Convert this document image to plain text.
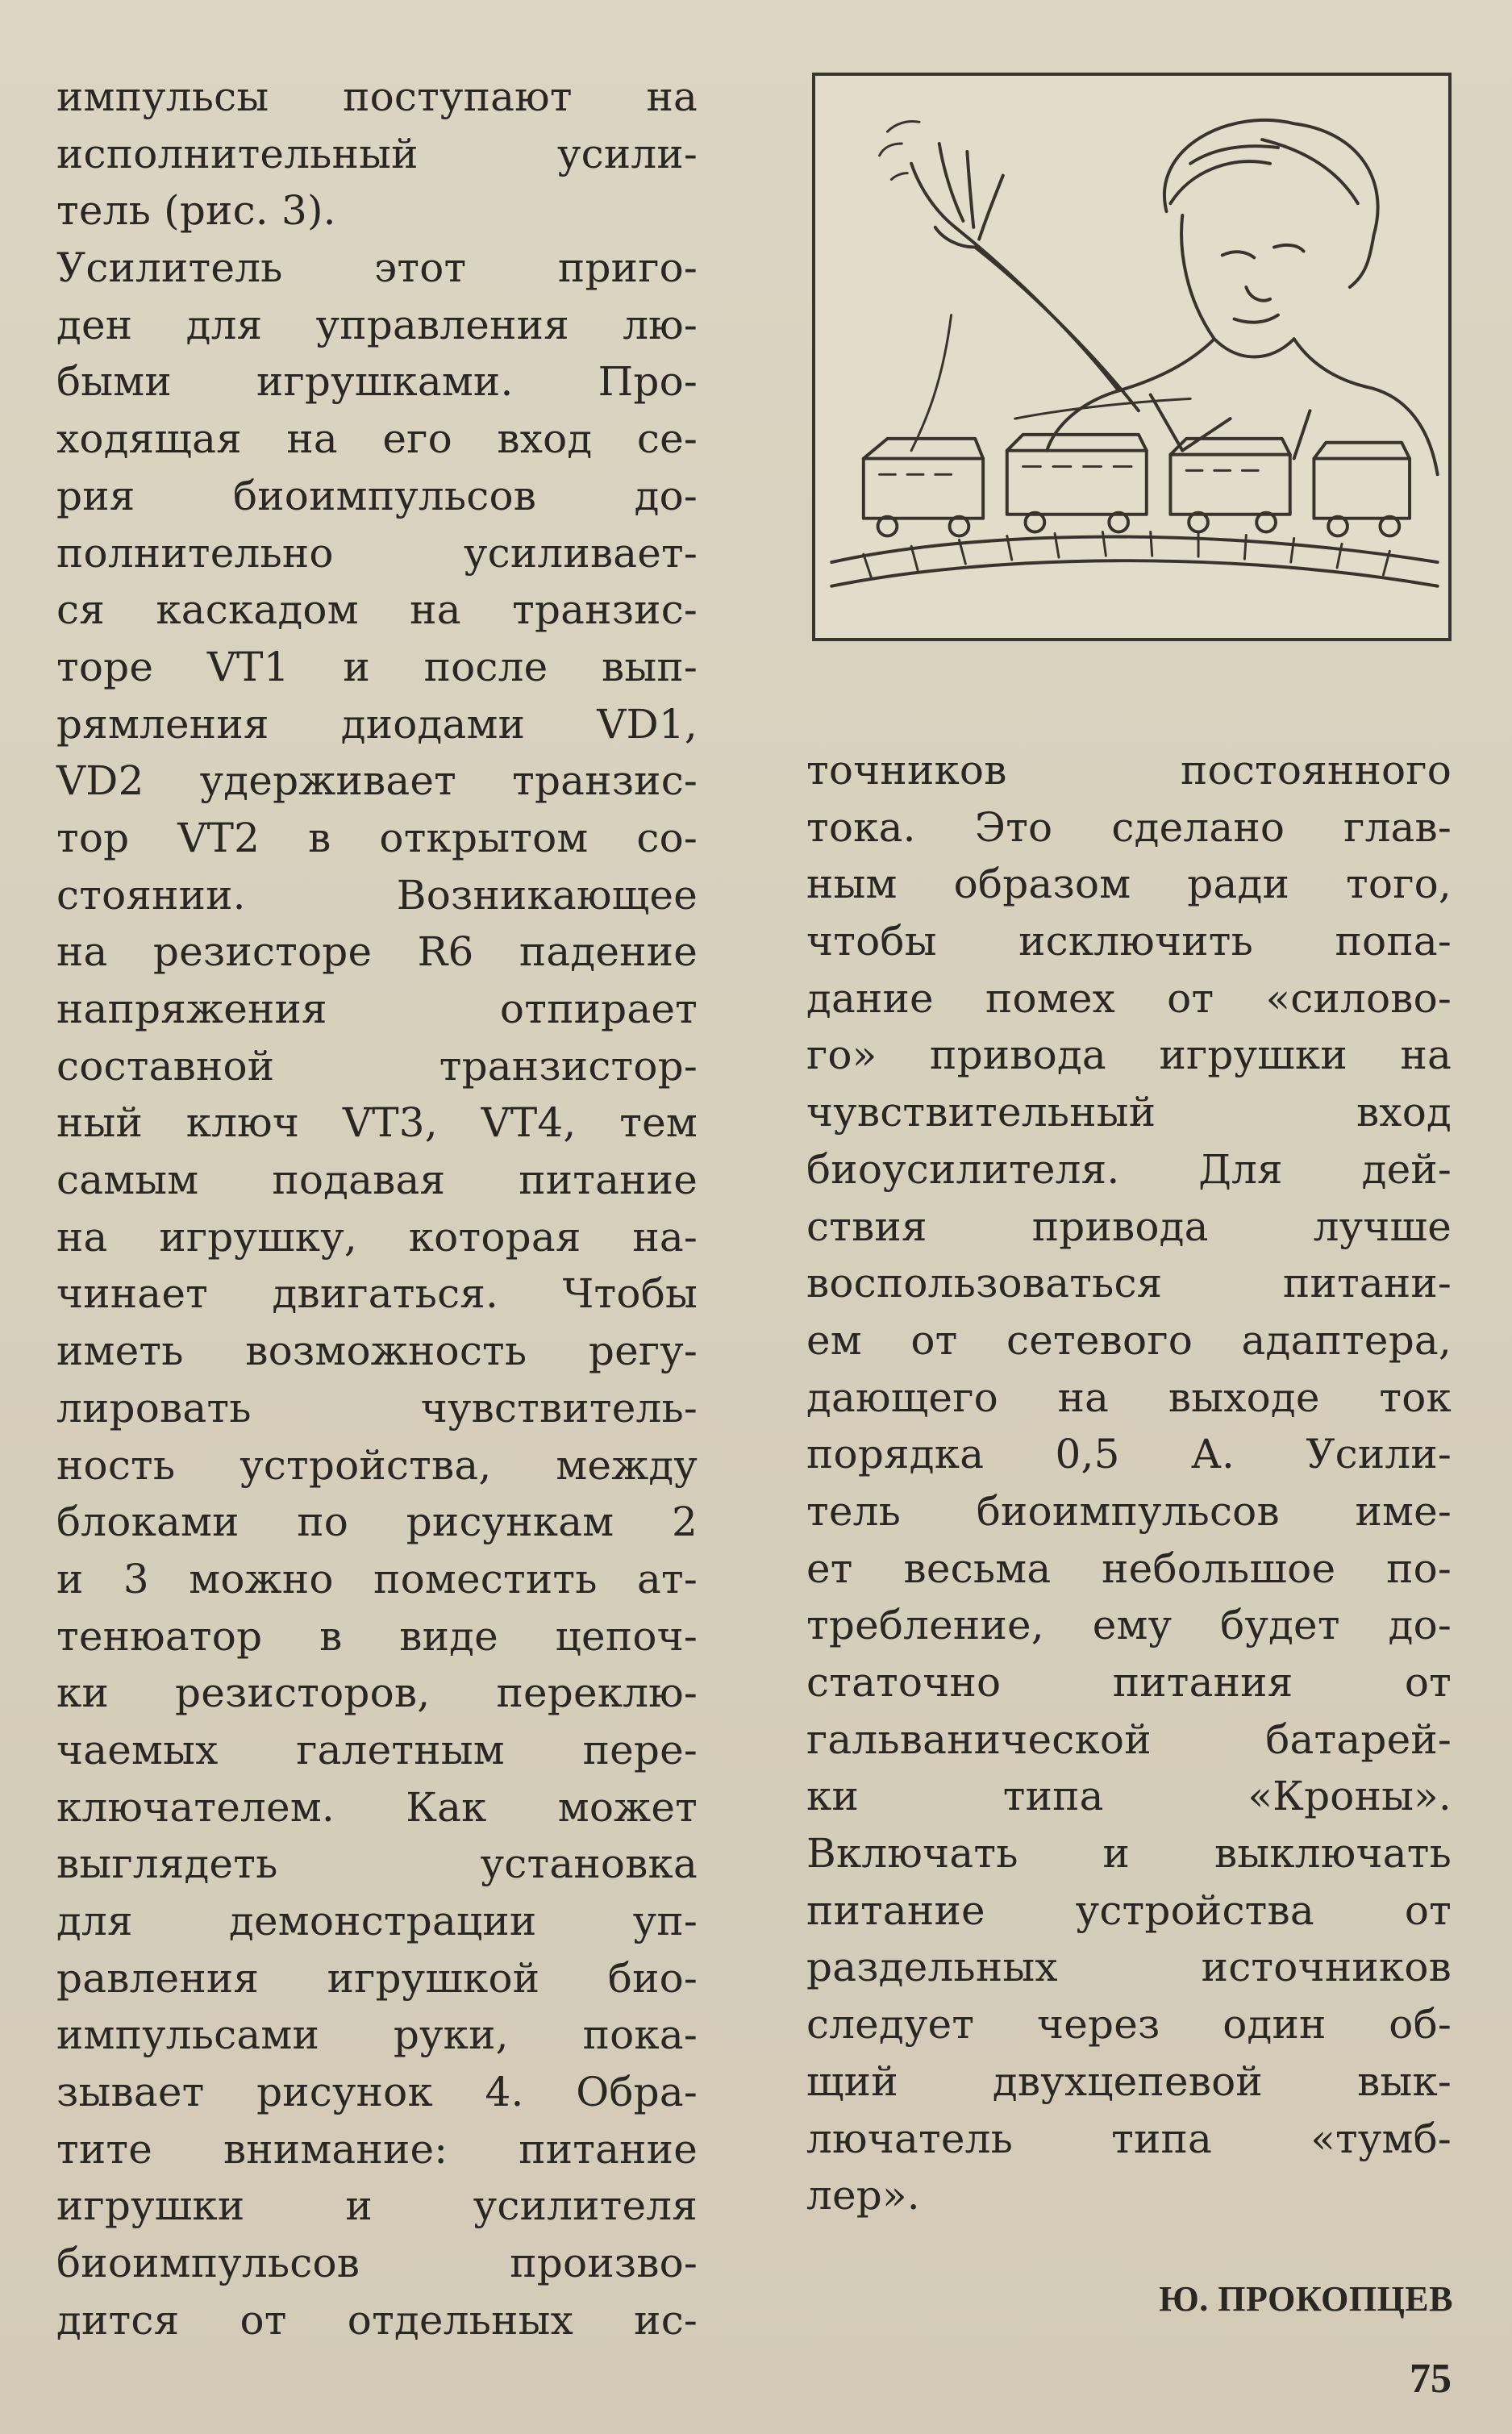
импульсы поступают на
исполнительный усили-
тель (рис. 3).
Усилитель этот приго-
ден для управления лю-
быми игрушками. Про-
ходящая на его вход се-
рия биоимпульсов до-
полнительно усиливает-
ся каскадом на транзис-
торе VT1 и после вып-
рямления диодами VD1,
VD2 удерживает транзис-
тор VT2 в открытом со-
стоянии. Возникающее
на резисторе R6 падение
напряжения отпирает
составной транзистор-
ный ключ VT3, VT4, тем
самым подавая питание
на игрушку, которая на-
чинает двигаться. Чтобы
иметь возможность регу-
лировать чувствитель-
ность устройства, между
блоками по рисункам 2
и 3 можно поместить ат-
тенюатор в виде цепоч-
ки резисторов, переклю-
чаемых галетным пере-
ключателем. Как может
выглядеть установка
для демонстрации уп-
равления игрушкой био-
импульсами руки, пока-
зывает рисунок 4. Обра-
тите внимание: питание
игрушки и усилителя
биоимпульсов произво-
дится от отдельных ис-
точников постоянного
тока. Это сделано глав-
ным образом ради того,
чтобы исключить попа-
дание помех от «силово-
го» привода игрушки на
чувствительный вход
биоусилителя. Для дей-
ствия привода лучше
воспользоваться питани-
ем от сетевого адаптера,
дающего на выходе ток
порядка 0,5 А. Усили-
тель биоимпульсов име-
ет весьма небольшое по-
требление, ему будет до-
статочно питания от
гальванической батарей-
ки типа «Кроны».
Включать и выключать
питание устройства от
раздельных источников
следует через один об-
щий двухцепевой вык-
лючатель типа «тумб-
лер».
Ю. ПРОКОПЦЕВ
75
